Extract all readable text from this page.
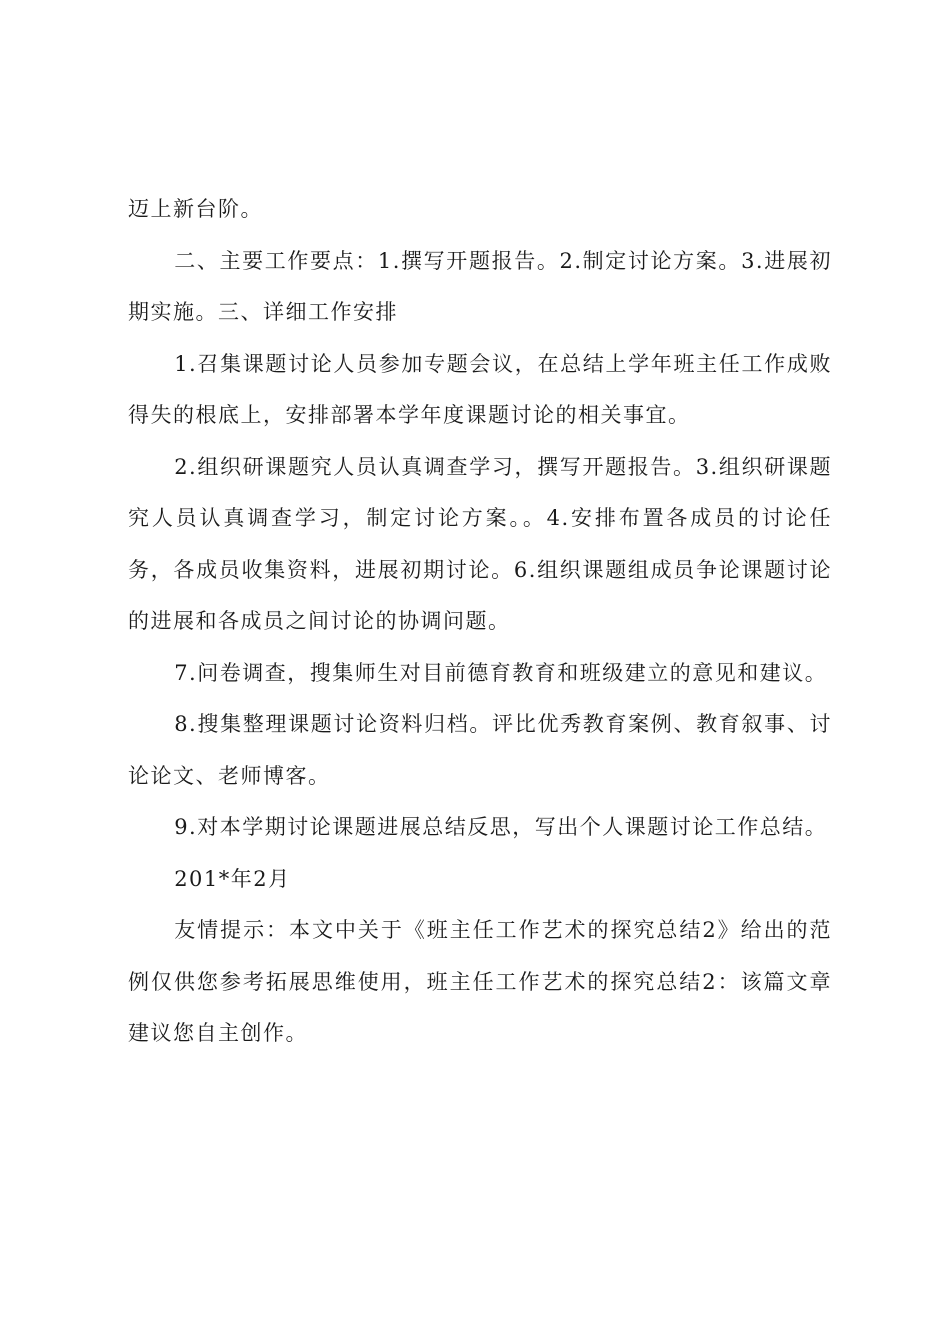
迈上新台阶。

二、主要工作要点：1.撰写开题报告。2.制定讨论方案。3.进展初期实施。三、详细工作安排

1.召集课题讨论人员参加专题会议，在总结上学年班主任工作成败得失的根底上，安排部署本学年度课题讨论的相关事宜。

2.组织研课题究人员认真调查学习，撰写开题报告。3.组织研课题究人员认真调查学习，制定讨论方案。。4.安排布置各成员的讨论任务，各成员收集资料，进展初期讨论。6.组织课题组成员争论课题讨论的进展和各成员之间讨论的协调问题。

7.问卷调查，搜集师生对目前德育教育和班级建立的意见和建议。

8.搜集整理课题讨论资料归档。评比优秀教育案例、教育叙事、讨论论文、老师博客。

9.对本学期讨论课题进展总结反思，写出个人课题讨论工作总结。

201*年2月

友情提示：本文中关于《班主任工作艺术的探究总结2》给出的范例仅供您参考拓展思维使用，班主任工作艺术的探究总结2：该篇文章建议您自主创作。
